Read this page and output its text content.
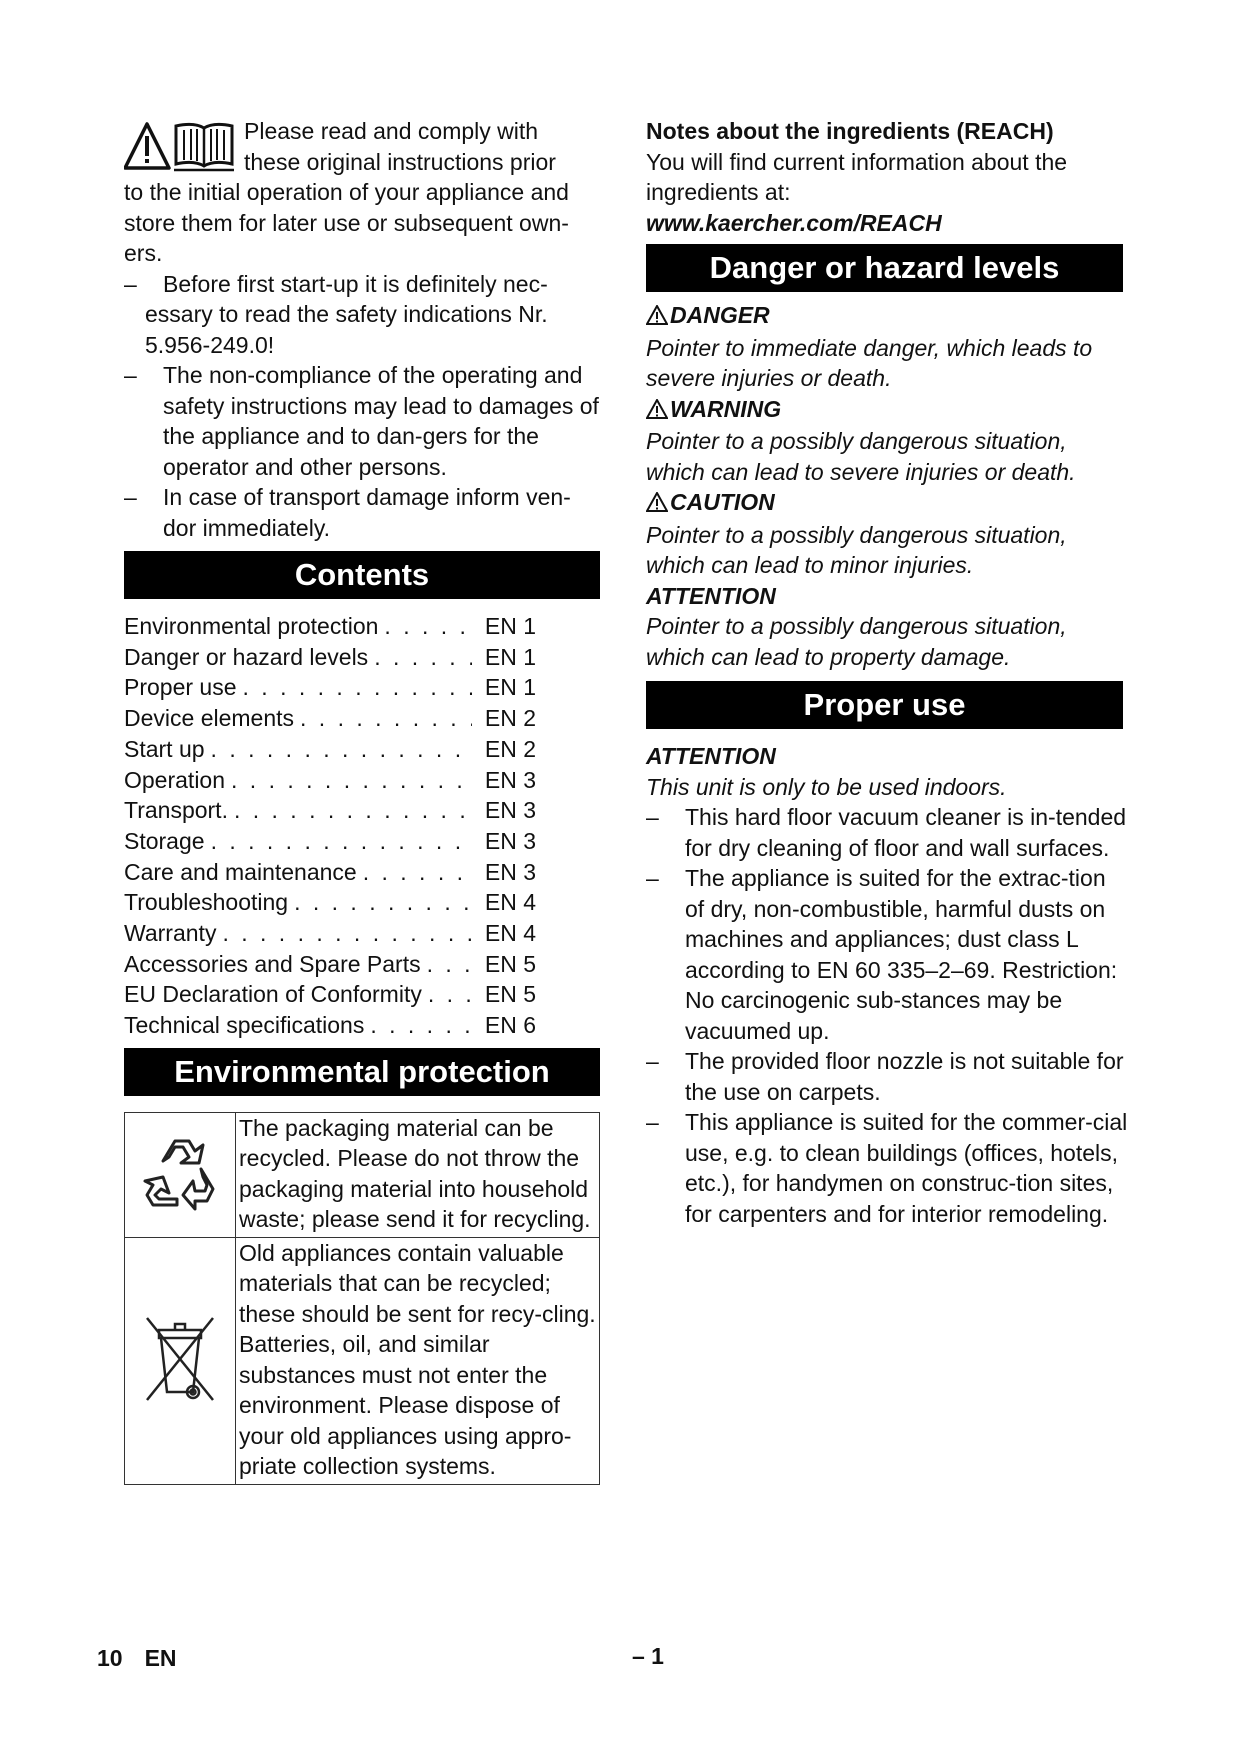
Please read and comply with
these original instructions prior

to the initial operation of your appliance and store them for later use or subsequent own-ers.

–	Before first start-up it is definitely nec-essary to read the safety indications Nr. 5.956-249.0!
– The non-compliance of the operating and safety instructions may lead to damages of the appliance and to dan-gers for the operator and other persons.
– In case of transport damage inform ven-dor immediately.
Contents
Environmental protection . . .	EN 1
Danger or hazard levels . . .	EN 1
Proper use . . .	EN 1
Device elements . . .	EN 2
Start up . . .	EN 2
Operation . . .	EN 3
Transport. . . .	EN 3
Storage . . .	EN 3
Care and maintenance . . .	EN 3
Troubleshooting . . .	EN 4
Warranty . . .	EN 4
Accessories and Spare Parts . . .	EN 5
EU Declaration of Conformity . . .	EN 5
Technical specifications . . .	EN 6
Environmental protection
	The packaging material can be recycled. Please do not throw the packaging material into household waste; please send it for recycling.
	Old appliances contain valuable materials that can be recycled; these should be sent for recy-cling. Batteries, oil, and similar substances must not enter the environment. Please dispose of your old appliances using appro-priate collection systems.

Notes about the ingredients (REACH)

You will find current information about the ingredients at:

www.kaercher.com/REACH

Danger or hazard levels

DANGER

Pointer to immediate danger, which leads to severe injuries or death.

WARNING

Pointer to a possibly dangerous situation, which can lead to severe injuries or death.

CAUTION

Pointer to a possibly dangerous situation, which can lead to minor injuries.

ATTENTION

Pointer to a possibly dangerous situation, which can lead to property damage.

Proper use

ATTENTION

This unit is only to be used indoors.

– This hard floor vacuum cleaner is in-tended for dry cleaning of floor and wall surfaces.
– The appliance is suited for the extrac-tion of dry, non-combustible, harmful dusts on machines and appliances; dust class L according to EN 60 335–2–69. Restriction: No carcinogenic sub-stances may be vacuumed up.
– The provided floor nozzle is not suitable for the use on carpets.
– This appliance is suited for the commer-cial use, e.g. to clean buildings (offices, hotels, etc.), for handymen on construc-tion sites, for carpenters and for interior remodeling.
10 EN	– 1
